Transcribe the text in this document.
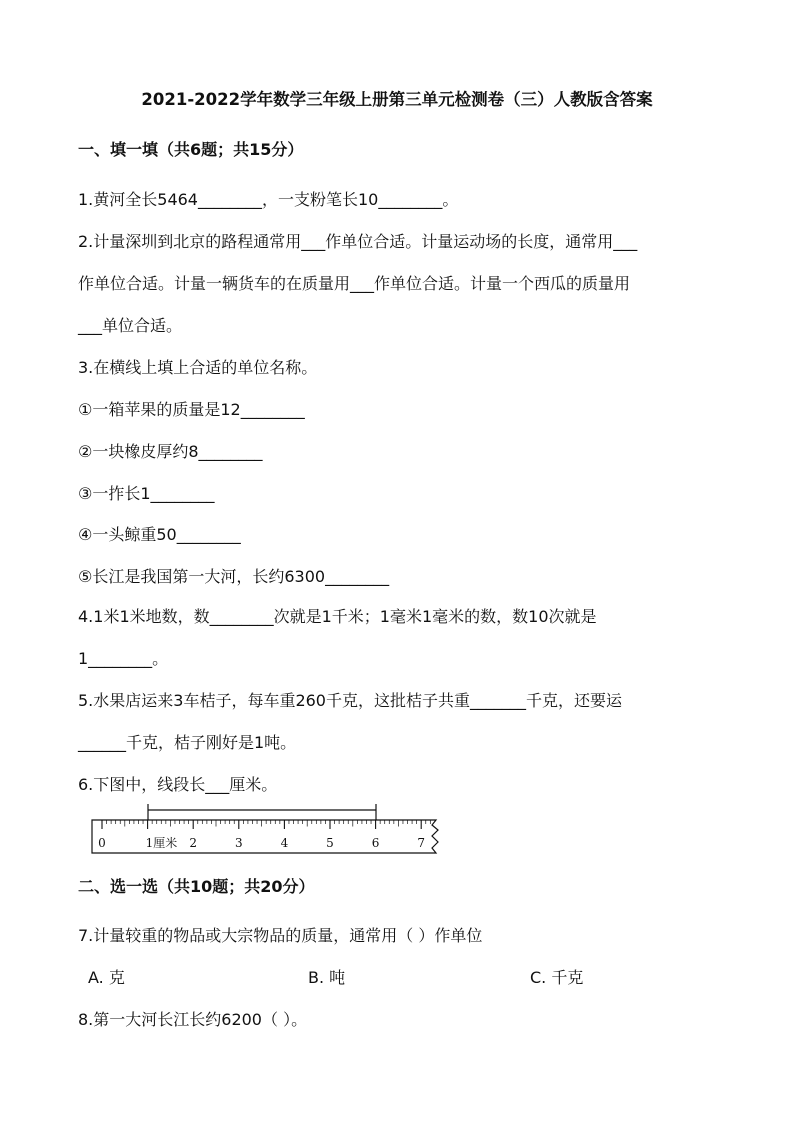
2021-2022学年数学三年级上册第三单元检测卷（三）人教版含答案
一、填一填（共6题；共15分）
1.黄河全长5464________，一支粉笔长10________。
2.计量深圳到北京的路程通常用___作单位合适。计量运动场的长度，通常用___
作单位合适。计量一辆货车的在质量用___作单位合适。计量一个西瓜的质量用
___单位合适。
3.在横线上填上合适的单位名称。
①一箱苹果的质量是12________
②一块橡皮厚约8________
③一拃长1________
④一头鲸重50________
⑤长江是我国第一大河，长约6300________
4.1米1米地数，数________次就是1千米；1毫米1毫米的数，数10次就是
1________。
5.水果店运来3车桔子，每车重260千克，这批桔子共重_______千克，还要运
______千克，桔子刚好是1吨。
6.下图中，线段长___厘米。
0	1厘米 2	3	4	5	6	7
二、选一选（共10题；共20分）
7.计量较重的物品或大宗物品的质量，通常用（ ）作单位
A. 克	B. 吨	C. 千克
8.第一大河长江长约6200（ ）。
